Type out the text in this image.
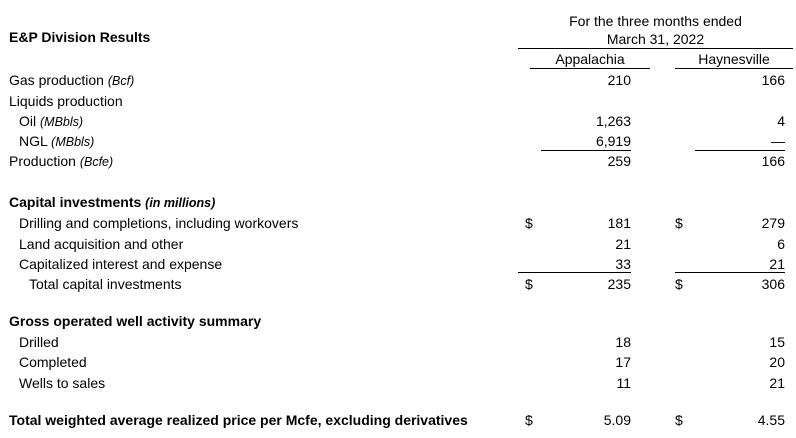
E&P Division Results
For the three months ended
March 31, 2022
Appalachia	Haynesville
Gas production (Bcf)	210	166
Liquids production
Oil (MBbls)	1,263	4
NGL (MBbls)	6,919	—
Production (Bcfe)	259	166
Capital investments (in millions)
Drilling and completions, including workovers	$	181	$	279
Land acquisition and other	21	6
Capitalized interest and expense	33	21
Total capital investments	$	235	$	306
Gross operated well activity summary
Drilled	18	15
Completed	17	20
Wells to sales	11	21
Total weighted average realized price per Mcfe, excluding derivatives	$	5.09	$	4.55
